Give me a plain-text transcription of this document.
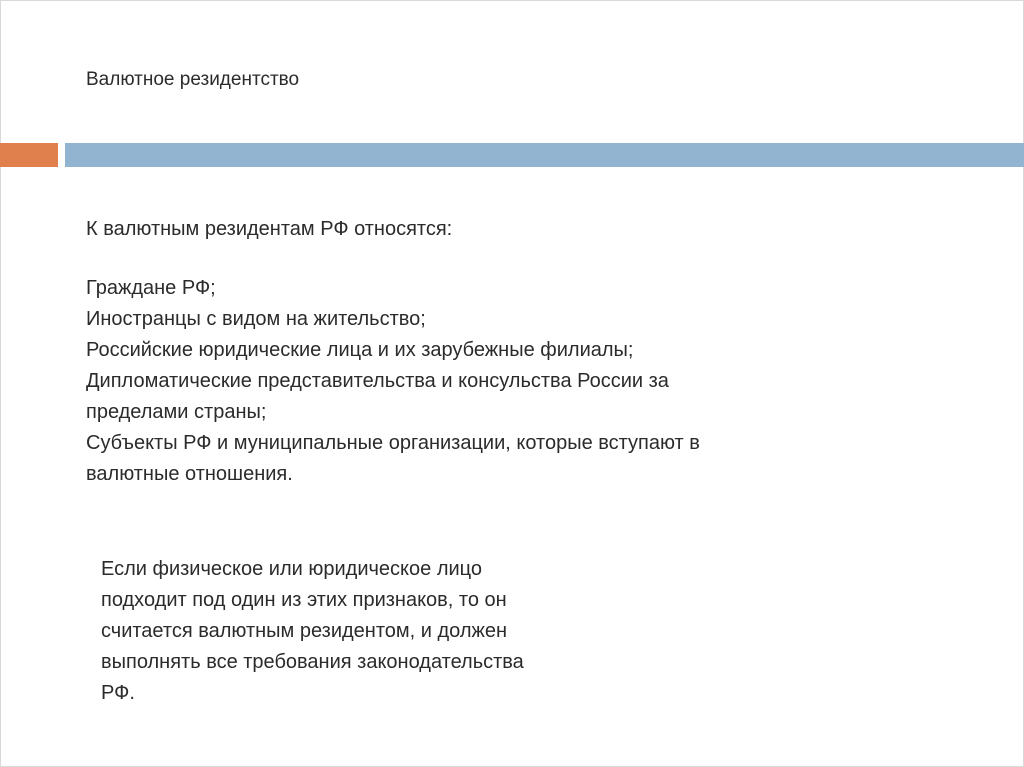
Валютное резидентство
К валютным резидентам РФ относятся:
Граждане РФ;
Иностранцы с видом на жительство;
Российские юридические лица и их зарубежные филиалы;
Дипломатические представительства и консульства России за
пределами страны;
Субъекты РФ и муниципальные организации, которые вступают в
валютные отношения.
Если физическое или юридическое лицо
подходит под один из этих признаков, то он
считается валютным резидентом, и должен
выполнять все требования законодательства
РФ.
